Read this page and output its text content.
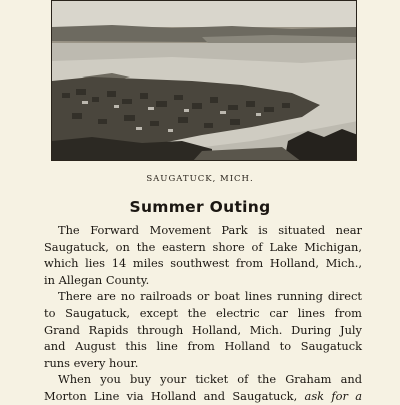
SAUGATUCK, MICH.
Summer Outing
The Forward Movement Park is situated near
Saugatuck, on the eastern shore of Lake Michigan,
which lies 14 miles southwest from Holland, Mich.,
in Allegan County.
There are no railroads or boat lines running direct
to Saugatuck, except the electric car lines from
Grand Rapids through Holland, Mich. During July
and August this line from Holland to Saugatuck
runs every hour.
When you buy your ticket of the Graham and
Morton Line via Holland and Saugatuck, ask for a
